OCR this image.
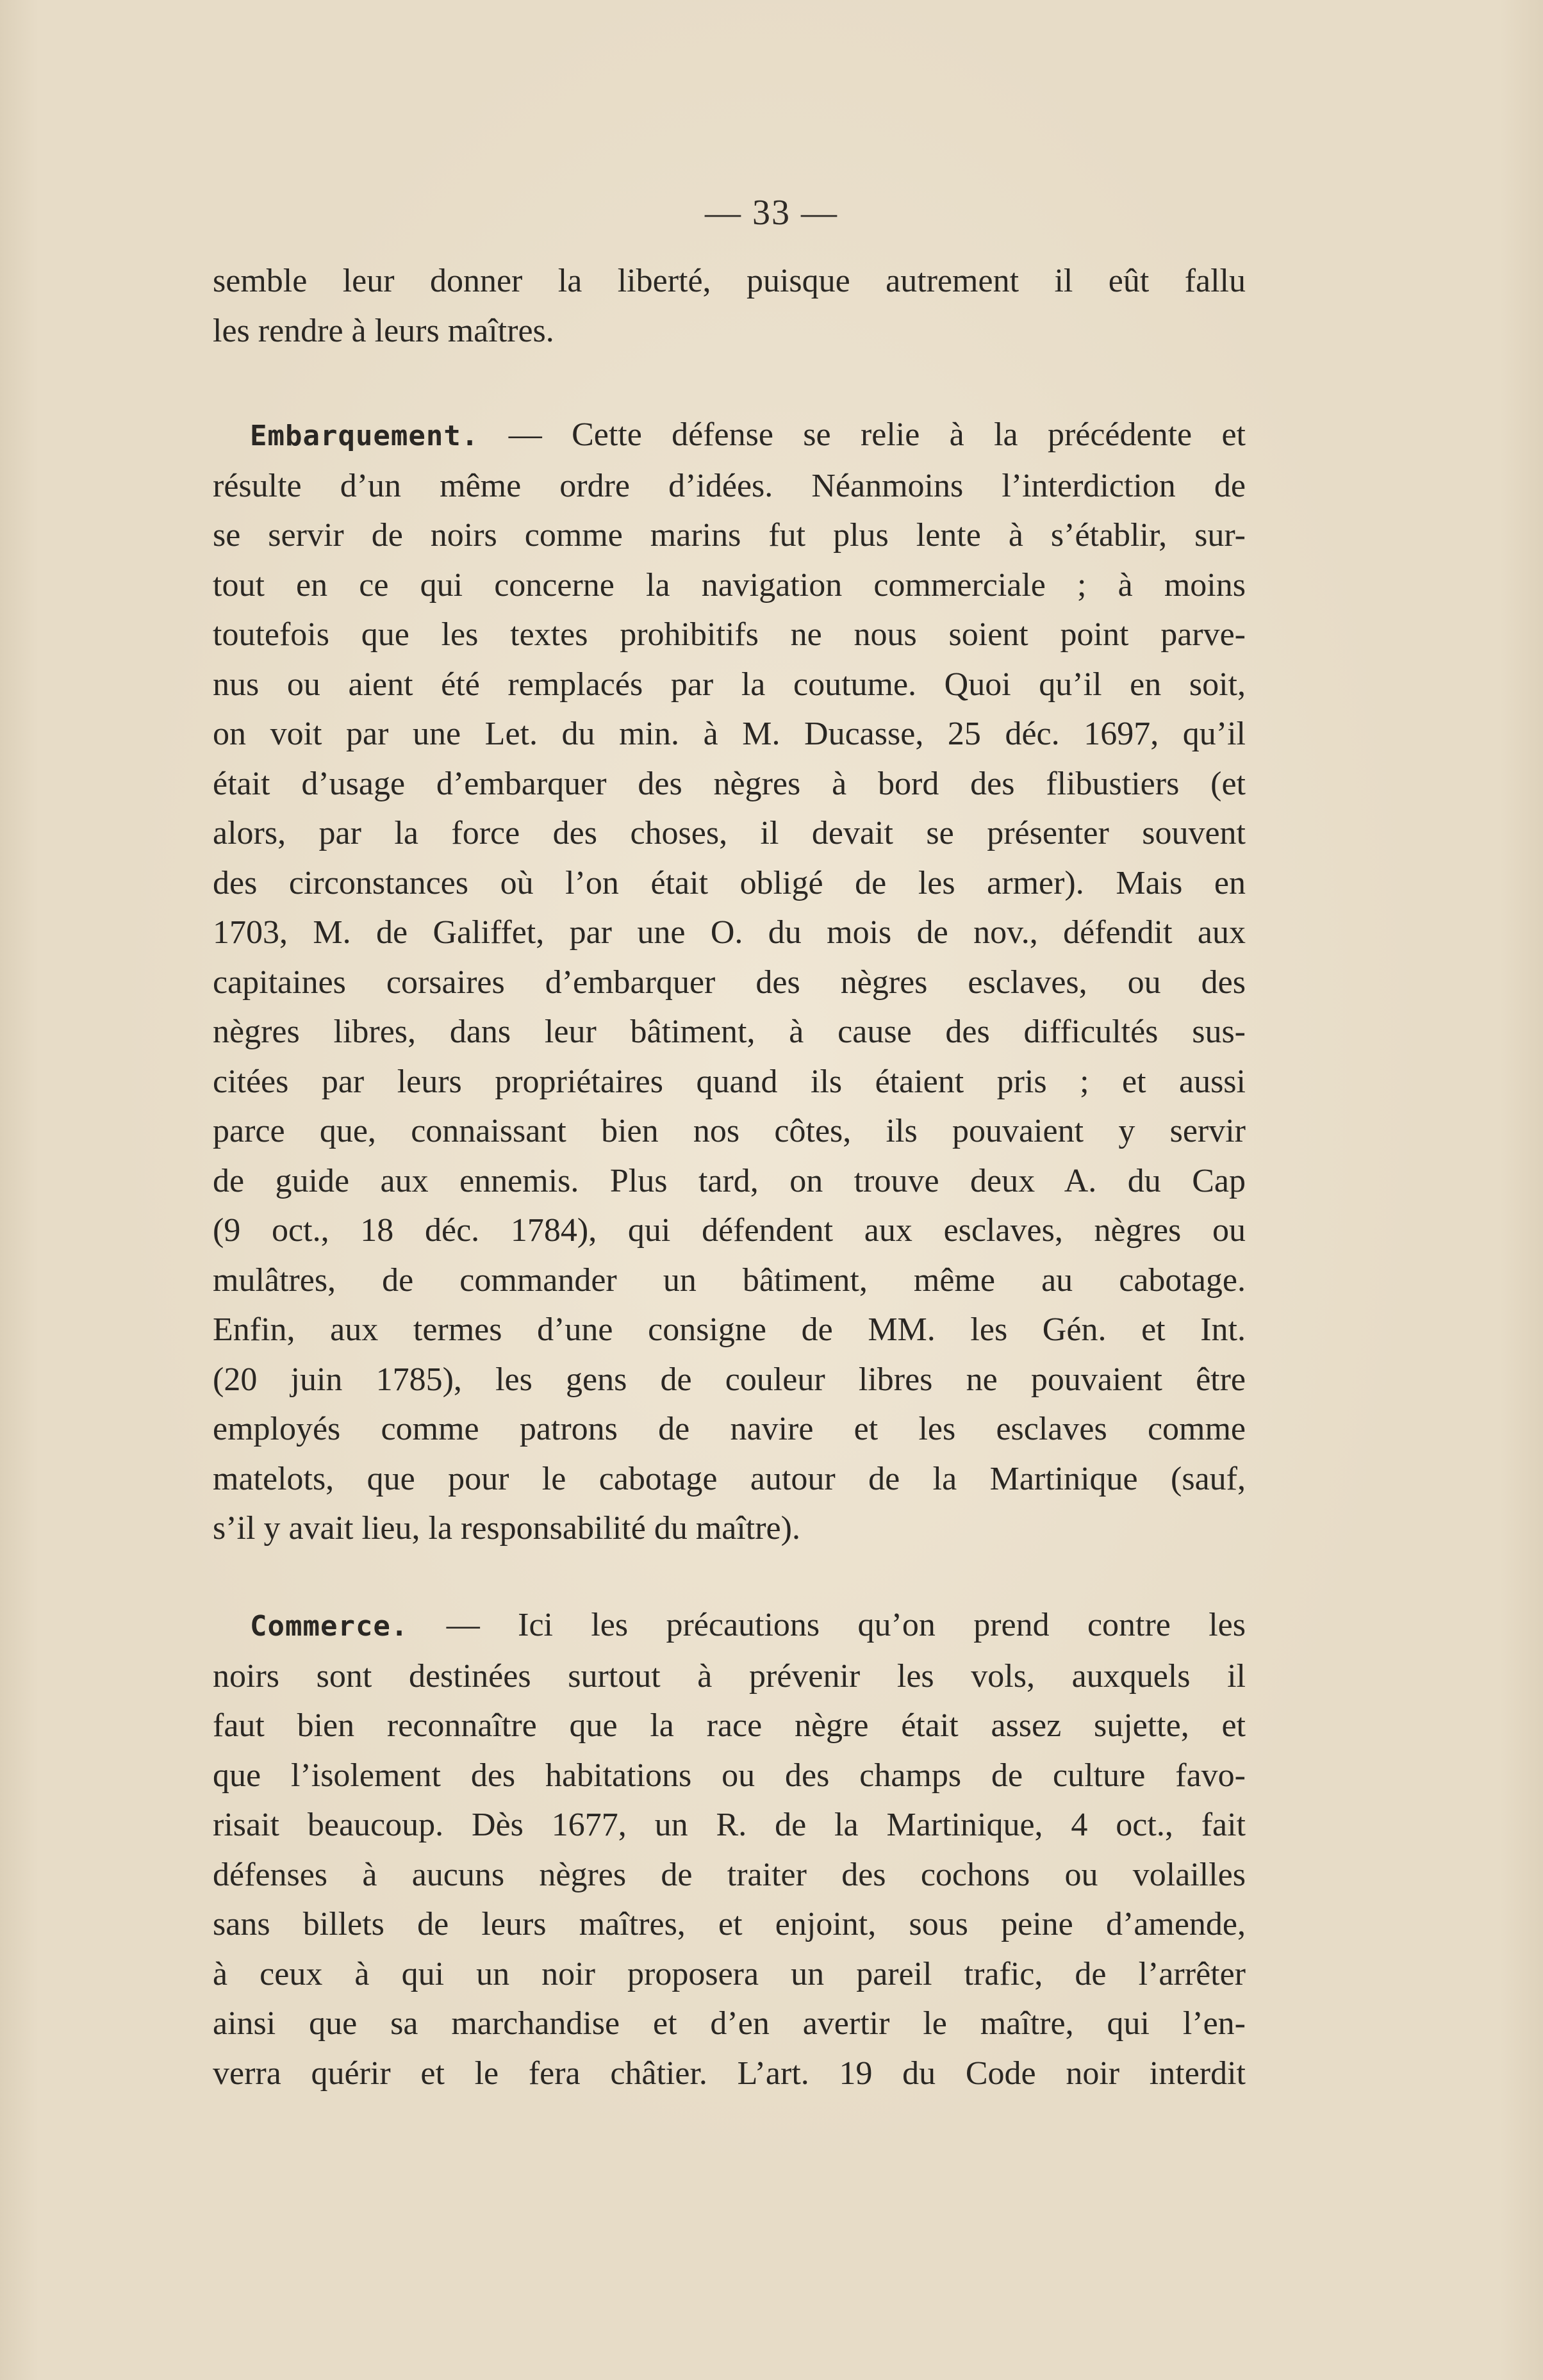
— 33 —
semble leur donner la liberté, puisque autrement il eût fallu
les rendre à leurs maîtres.
Embarquement. — Cette défense se relie à la précédente et
résulte d’un même ordre d’idées. Néanmoins l’interdiction de
se servir de noirs comme marins fut plus lente à s’établir, sur-
tout en ce qui concerne la navigation commerciale ; à moins
toutefois que les textes prohibitifs ne nous soient point parve-
nus ou aient été remplacés par la coutume. Quoi qu’il en soit,
on voit par une Let. du min. à M. Ducasse, 25 déc. 1697, qu’il
était d’usage d’embarquer des nègres à bord des flibustiers (et
alors, par la force des choses, il devait se présenter souvent
des circonstances où l’on était obligé de les armer). Mais en
1703, M. de Galiffet, par une O. du mois de nov., défendit aux
capitaines corsaires d’embarquer des nègres esclaves, ou des
nègres libres, dans leur bâtiment, à cause des difficultés sus-
citées par leurs propriétaires quand ils étaient pris ; et aussi
parce que, connaissant bien nos côtes, ils pouvaient y servir
de guide aux ennemis. Plus tard, on trouve deux A. du Cap
(9 oct., 18 déc. 1784), qui défendent aux esclaves, nègres ou
mulâtres, de commander un bâtiment, même au cabotage.
Enfin, aux termes d’une consigne de MM. les Gén. et Int.
(20 juin 1785), les gens de couleur libres ne pouvaient être
employés comme patrons de navire et les esclaves comme
matelots, que pour le cabotage autour de la Martinique (sauf,
s’il y avait lieu, la responsabilité du maître).
Commerce. — Ici les précautions qu’on prend contre les
noirs sont destinées surtout à prévenir les vols, auxquels il
faut bien reconnaître que la race nègre était assez sujette, et
que l’isolement des habitations ou des champs de culture favo-
risait beaucoup. Dès 1677, un R. de la Martinique, 4 oct., fait
défenses à aucuns nègres de traiter des cochons ou volailles
sans billets de leurs maîtres, et enjoint, sous peine d’amende,
à ceux à qui un noir proposera un pareil trafic, de l’arrêter
ainsi que sa marchandise et d’en avertir le maître, qui l’en-
verra quérir et le fera châtier. L’art. 19 du Code noir interdit
